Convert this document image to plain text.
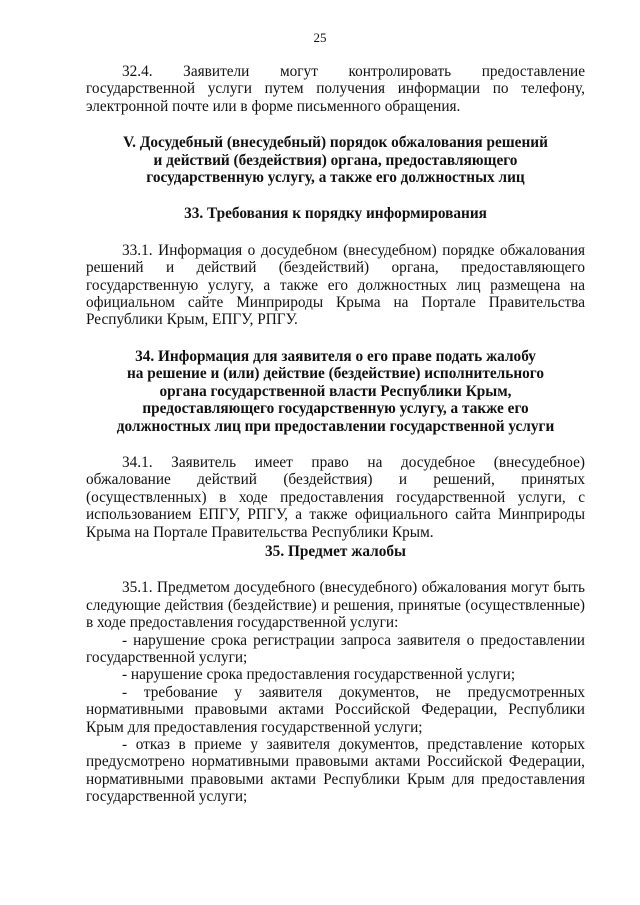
25

32.4. Заявители могут контролировать предоставление государственной услуги путем получения информации по телефону, электронной почте или в форме письменного обращения.

V. Досудебный (внесудебный) порядок обжалования решений
и действий (бездействия) органа, предоставляющего
государственную услугу, а также его должностных лиц

33. Требования к порядку информирования

33.1. Информация о досудебном (внесудебном) порядке обжалования решений и действий (бездействий) органа, предоставляющего государственную услугу, а также его должностных лиц размещена на официальном сайте Минприроды Крыма на Портале Правительства Республики Крым, ЕПГУ, РПГУ.

34. Информация для заявителя о его праве подать жалобу
на решение и (или) действие (бездействие) исполнительного
органа государственной власти Республики Крым,
предоставляющего государственную услугу, а также его
должностных лиц при предоставлении государственной услуги

34.1. Заявитель имеет право на досудебное (внесудебное) обжалование действий (бездействия) и решений, принятых (осуществленных) в ходе предоставления государственной услуги, с использованием ЕПГУ, РПГУ, а также официального сайта Минприроды Крыма на Портале Правительства Республики Крым.

35. Предмет жалобы

35.1. Предметом досудебного (внесудебного) обжалования могут быть следующие действия (бездействие) и решения, принятые (осуществленные) в ходе предоставления государственной услуги:

- нарушение срока регистрации запроса заявителя о предоставлении государственной услуги;

- нарушение срока предоставления государственной услуги;

- требование у заявителя документов, не предусмотренных нормативными правовыми актами Российской Федерации, Республики Крым для предоставления государственной услуги;

- отказ в приеме у заявителя документов, представление которых предусмотрено нормативными правовыми актами Российской Федерации, нормативными правовыми актами Республики Крым для предоставления государственной услуги;
